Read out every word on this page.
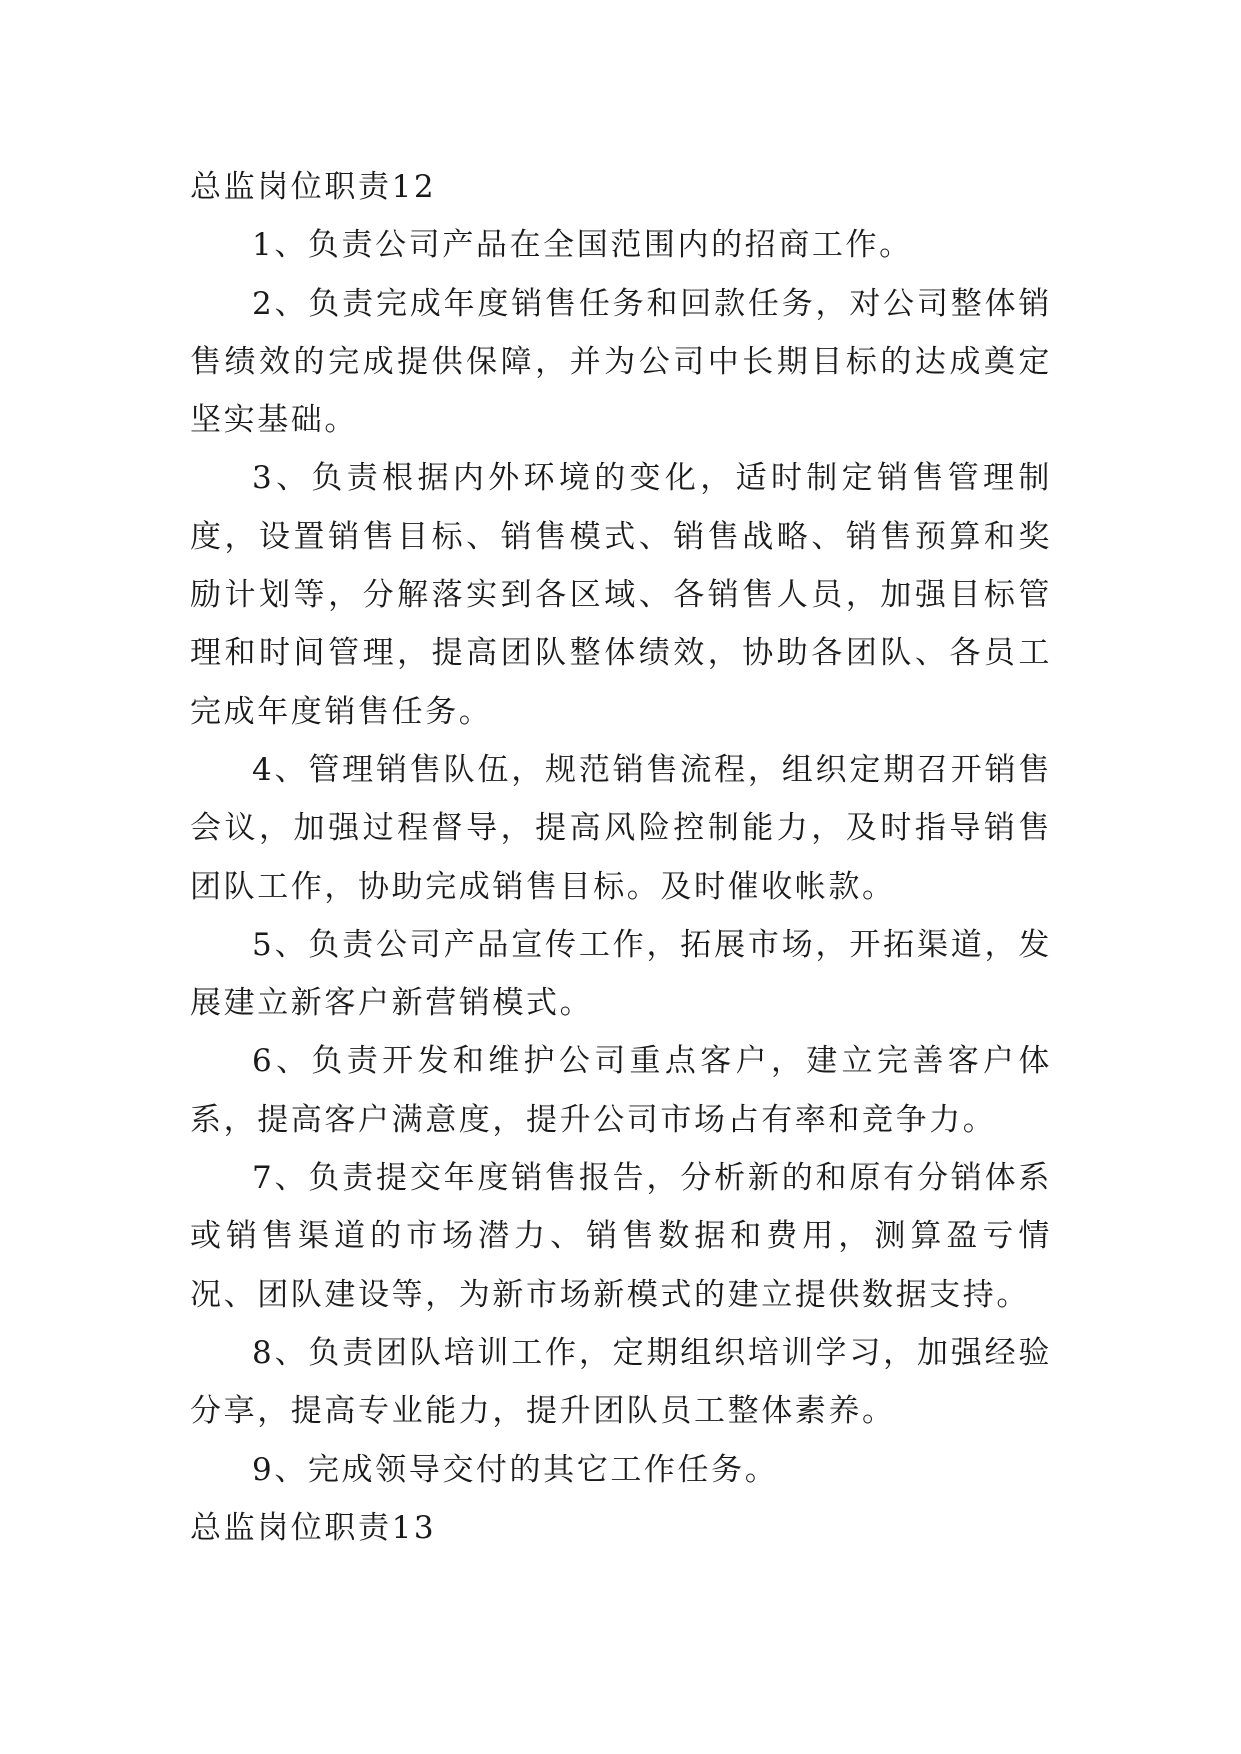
总监岗位职责12

1、负责公司产品在全国范围内的招商工作。

2、负责完成年度销售任务和回款任务，对公司整体销售绩效的完成提供保障，并为公司中长期目标的达成奠定坚实基础。

3、负责根据内外环境的变化，适时制定销售管理制度，设置销售目标、销售模式、销售战略、销售预算和奖励计划等，分解落实到各区域、各销售人员，加强目标管理和时间管理，提高团队整体绩效，协助各团队、各员工完成年度销售任务。

4、管理销售队伍，规范销售流程，组织定期召开销售会议，加强过程督导，提高风险控制能力，及时指导销售团队工作，协助完成销售目标。及时催收帐款。

5、负责公司产品宣传工作，拓展市场，开拓渠道，发展建立新客户新营销模式。

6、负责开发和维护公司重点客户，建立完善客户体系，提高客户满意度，提升公司市场占有率和竞争力。

7、负责提交年度销售报告，分析新的和原有分销体系或销售渠道的市场潜力、销售数据和费用，测算盈亏情况、团队建设等，为新市场新模式的建立提供数据支持。

8、负责团队培训工作，定期组织培训学习，加强经验分享，提高专业能力，提升团队员工整体素养。

9、完成领导交付的其它工作任务。

总监岗位职责13
